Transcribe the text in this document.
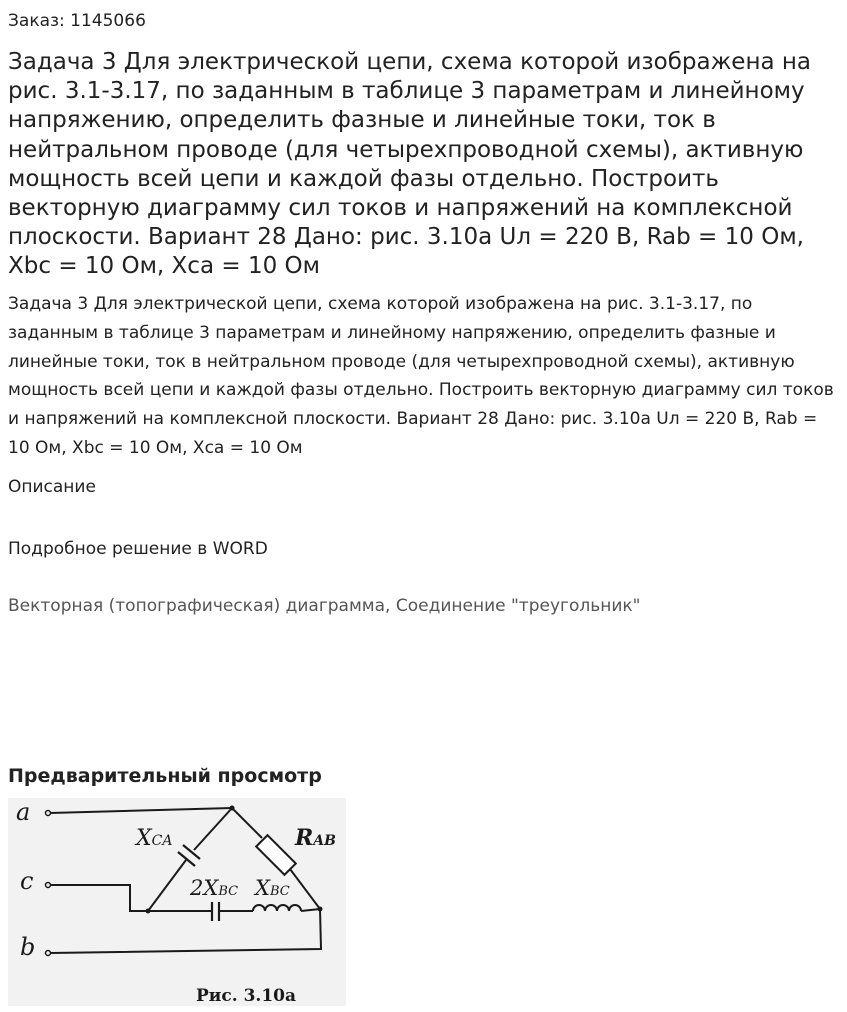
Заказ: 1145066
Задача 3 Для электрической цепи, схема которой изображена на рис. 3.1-3.17, по заданным в таблице 3 параметрам и линейному напряжению, определить фазные и линейные токи, ток в нейтральном проводе (для четырехпроводной схемы), активную мощность всей цепи и каждой фазы отдельно. Построить векторную диаграмму сил токов и напряжений на комплексной плоскости. Вариант 28 Дано: рис. 3.10а Uл = 220 В, Rab = 10 Ом, Xbc = 10 Ом, Xca = 10 Ом

Задача 3 Для электрической цепи, схема которой изображена на рис. 3.1-3.17, по заданным в таблице 3 параметрам и линейному напряжению, определить фазные и линейные токи, ток в нейтральном проводе (для четырехпроводной схемы), активную мощность всей цепи и каждой фазы отдельно. Построить векторную диаграмму сил токов и напряжений на комплексной плоскости. Вариант 28 Дано: рис. 3.10а Uл = 220 В, Rab = 10 Ом, Xbc = 10 Ом, Xca = 10 Ом

Описание
Подробное решение в WORD
Векторная (топографическая) диаграмма, Соединение "треугольник"
Предварительный просмотр
a
c
b
XCA	RAB
2XBC XBC
Рис. 3.10а
